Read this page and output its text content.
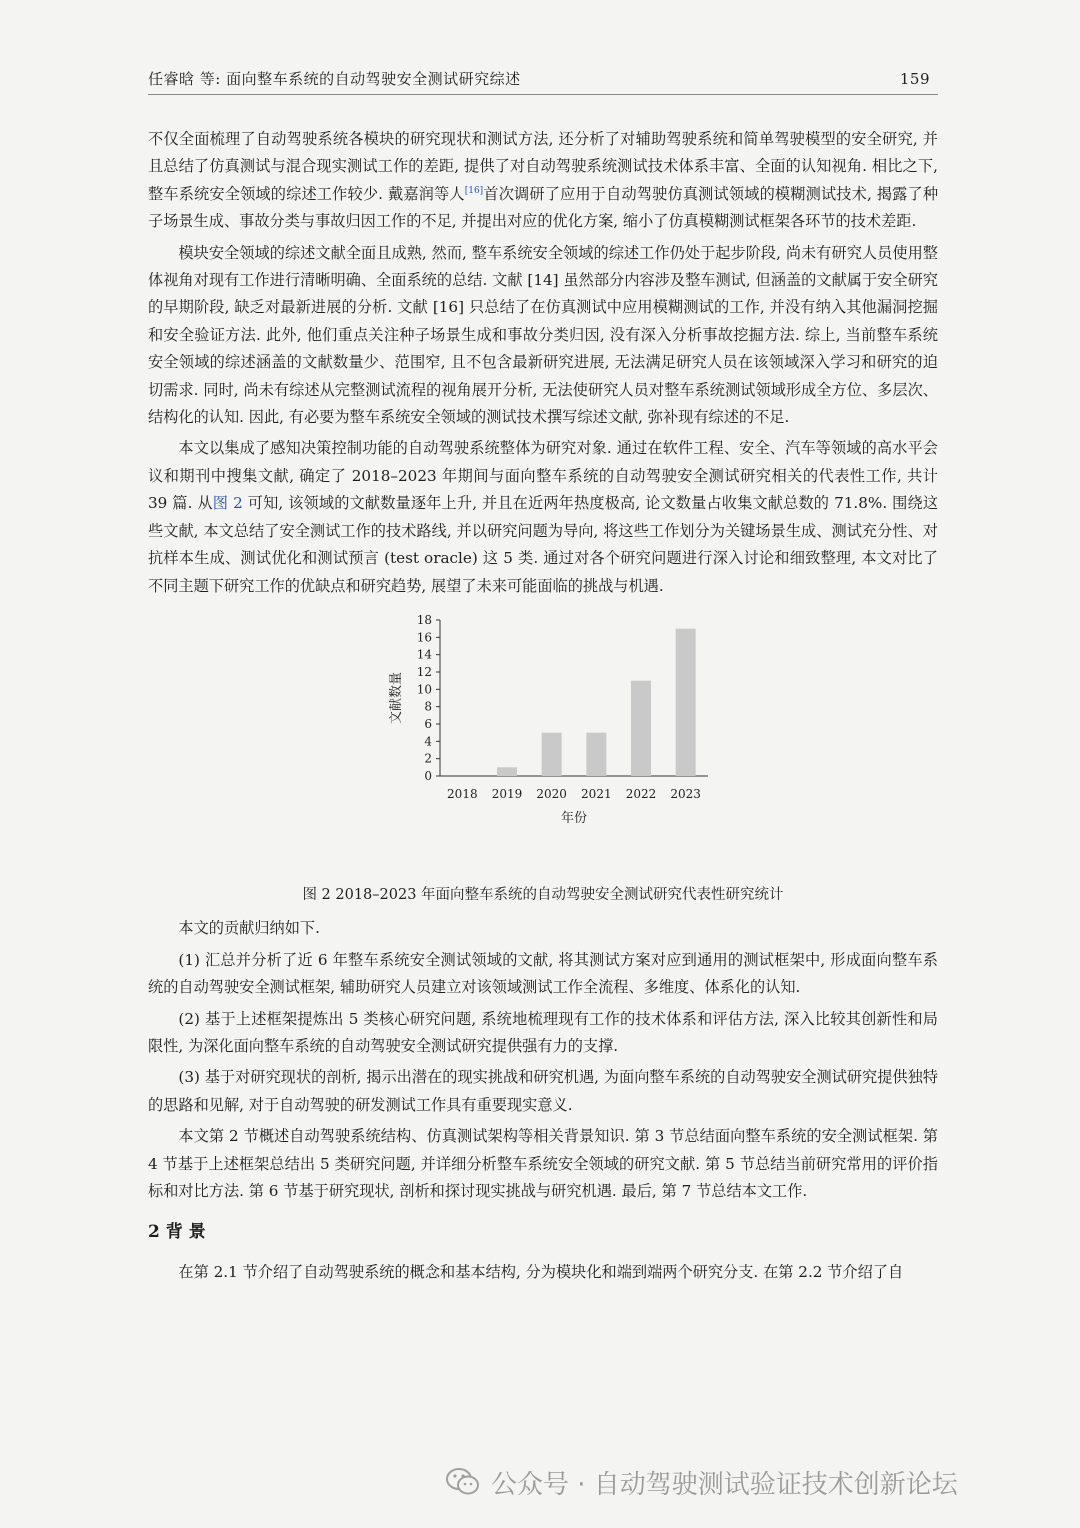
任睿晗 等: 面向整车系统的自动驾驶安全测试研究综述	159

不仅全面梳理了自动驾驶系统各模块的研究现状和测试方法, 还分析了对辅助驾驶系统和简单驾驶模型的安全研究, 并且总结了仿真测试与混合现实测试工作的差距, 提供了对自动驾驶系统测试技术体系丰富、全面的认知视角. 相比之下, 整车系统安全领域的综述工作较少. 戴嘉润等人[16]首次调研了应用于自动驾驶仿真测试领域的模糊测试技术, 揭露了种子场景生成、事故分类与事故归因工作的不足, 并提出对应的优化方案, 缩小了仿真模糊测试框架各环节的技术差距.

模块安全领域的综述文献全面且成熟, 然而, 整车系统安全领域的综述工作仍处于起步阶段, 尚未有研究人员使用整体视角对现有工作进行清晰明确、全面系统的总结. 文献 [14] 虽然部分内容涉及整车测试, 但涵盖的文献属于安全研究的早期阶段, 缺乏对最新进展的分析. 文献 [16] 只总结了在仿真测试中应用模糊测试的工作, 并没有纳入其他漏洞挖掘和安全验证方法. 此外, 他们重点关注种子场景生成和事故分类归因, 没有深入分析事故挖掘方法. 综上, 当前整车系统安全领域的综述涵盖的文献数量少、范围窄, 且不包含最新研究进展, 无法满足研究人员在该领域深入学习和研究的迫切需求. 同时, 尚未有综述从完整测试流程的视角展开分析, 无法使研究人员对整车系统测试领域形成全方位、多层次、结构化的认知. 因此, 有必要为整车系统安全领域的测试技术撰写综述文献, 弥补现有综述的不足.

本文以集成了感知决策控制功能的自动驾驶系统整体为研究对象. 通过在软件工程、安全、汽车等领域的高水平会议和期刊中搜集文献, 确定了 2018–2023 年期间与面向整车系统的自动驾驶安全测试研究相关的代表性工作, 共计 39 篇. 从图 2 可知, 该领域的文献数量逐年上升, 并且在近两年热度极高, 论文数量占收集文献总数的 71.8%. 围绕这些文献, 本文总结了安全测试工作的技术路线, 并以研究问题为导向, 将这些工作划分为关键场景生成、测试充分性、对抗样本生成、测试优化和测试预言 (test oracle) 这 5 类. 通过对各个研究问题进行深入讨论和细致整理, 本文对比了不同主题下研究工作的优缺点和研究趋势, 展望了未来可能面临的挑战与机遇.

0
2
4
6
8
10
12
14
16
18
2018 2019 2020 2021 2022 2023
年份
文献数量
图 2 2018–2023 年面向整车系统的自动驾驶安全测试研究代表性研究统计

本文的贡献归纳如下.

(1) 汇总并分析了近 6 年整车系统安全测试领域的文献, 将其测试方案对应到通用的测试框架中, 形成面向整车系统的自动驾驶安全测试框架, 辅助研究人员建立对该领域测试工作全流程、多维度、体系化的认知.

(2) 基于上述框架提炼出 5 类核心研究问题, 系统地梳理现有工作的技术体系和评估方法, 深入比较其创新性和局限性, 为深化面向整车系统的自动驾驶安全测试研究提供强有力的支撑.

(3) 基于对研究现状的剖析, 揭示出潜在的现实挑战和研究机遇, 为面向整车系统的自动驾驶安全测试研究提供独特的思路和见解, 对于自动驾驶的研发测试工作具有重要现实意义.

本文第 2 节概述自动驾驶系统结构、仿真测试架构等相关背景知识. 第 3 节总结面向整车系统的安全测试框架. 第 4 节基于上述框架总结出 5 类研究问题, 并详细分析整车系统安全领域的研究文献. 第 5 节总结当前研究常用的评价指标和对比方法. 第 6 节基于研究现状, 剖析和探讨现实挑战与研究机遇. 最后, 第 7 节总结本文工作.

2 背 景

在第 2.1 节介绍了自动驾驶系统的概念和基本结构, 分为模块化和端到端两个研究分支. 在第 2.2 节介绍了自

公众号 · 自动驾驶测试验证技术创新论坛
